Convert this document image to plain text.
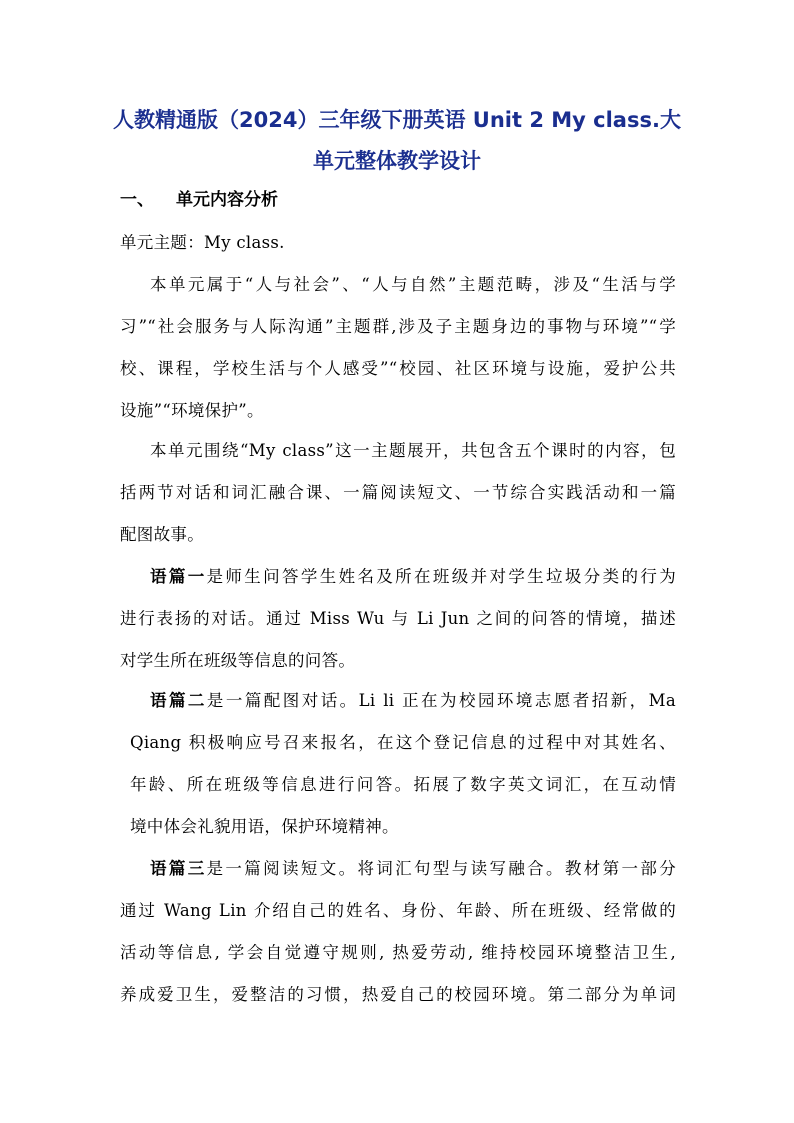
人教精通版（2024）三年级下册英语 Unit 2 My class.大
单元整体教学设计
一、 单元内容分析
单元主题：My class.
本单元属于“人与社会”、“人与自然”主题范畴，涉及“生活与学
习”“社会服务与人际沟通”主题群,涉及子主题身边的事物与环境”“学
校、课程，学校生活与个人感受”“校园、社区环境与设施，爱护公共
设施”“环境保护”。
本单元围绕“My class”这一主题展开，共包含五个课时的内容，包
括两节对话和词汇融合课、一篇阅读短文、一节综合实践活动和一篇
配图故事。
语篇一是师生问答学生姓名及所在班级并对学生垃圾分类的行为
进行表扬的对话。通过 Miss Wu 与 Li Jun 之间的问答的情境，描述
对学生所在班级等信息的问答。
语篇二是一篇配图对话。Li li 正在为校园环境志愿者招新，Ma
Qiang 积极响应号召来报名，在这个登记信息的过程中对其姓名、
年龄、所在班级等信息进行问答。拓展了数字英文词汇，在互动情
境中体会礼貌用语，保护环境精神。
语篇三是一篇阅读短文。将词汇句型与读写融合。教材第一部分
通过 Wang Lin 介绍自己的姓名、身份、年龄、所在班级、经常做的
活动等信息, 学会自觉遵守规则, 热爱劳动, 维持校园环境整洁卫生,
养成爱卫生，爱整洁的习惯，热爱自己的校园环境。第二部分为单词
